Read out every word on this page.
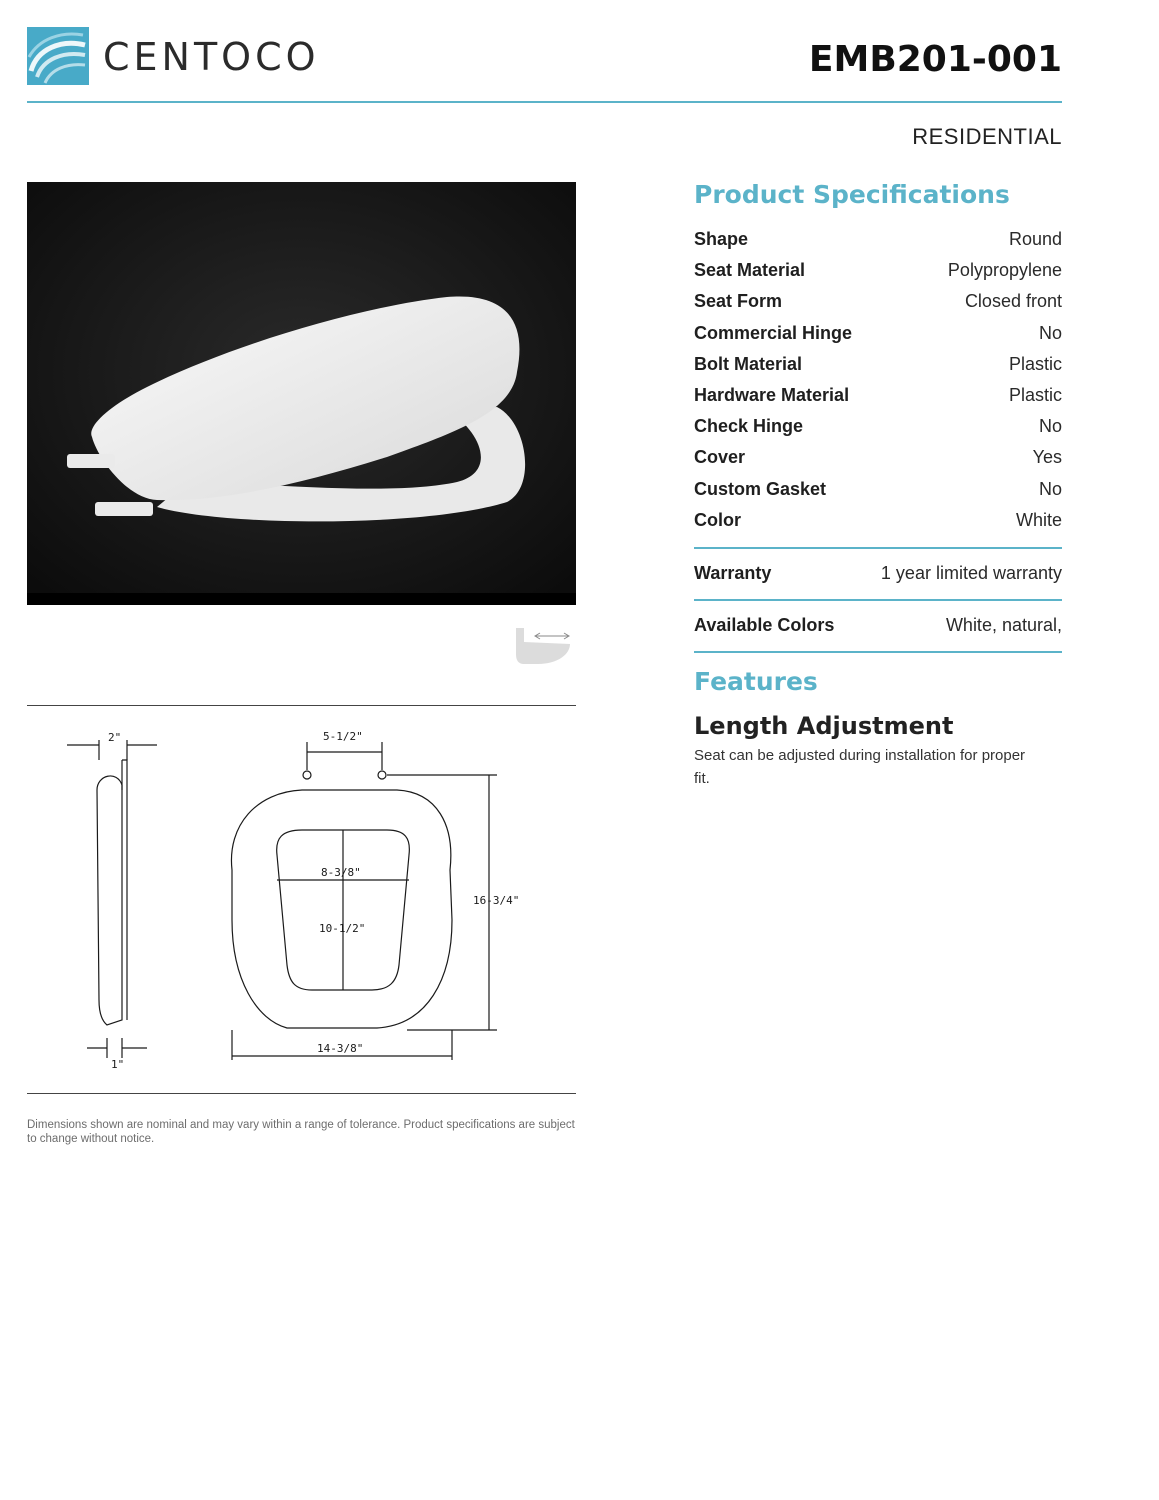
CENTOCO	EMB201-001
RESIDENTIAL
2"
1"
5-1/2"
8-3/8"
10-1/2"
16-3/4"
14-3/8"
Dimensions shown are nominal and may vary within a range of tolerance. Product specifications are subject to change without notice.
Product Specifications
Shape	Round
Seat Material	Polypropylene
Seat Form	Closed front
Commercial Hinge	No
Bolt Material	Plastic
Hardware Material	Plastic
Check Hinge	No
Cover	Yes
Custom Gasket	No
Color	White
Warranty	1 year limited warranty
Available Colors	White, natural,
Features
Length Adjustment
Seat can be adjusted during installation for proper fit.
